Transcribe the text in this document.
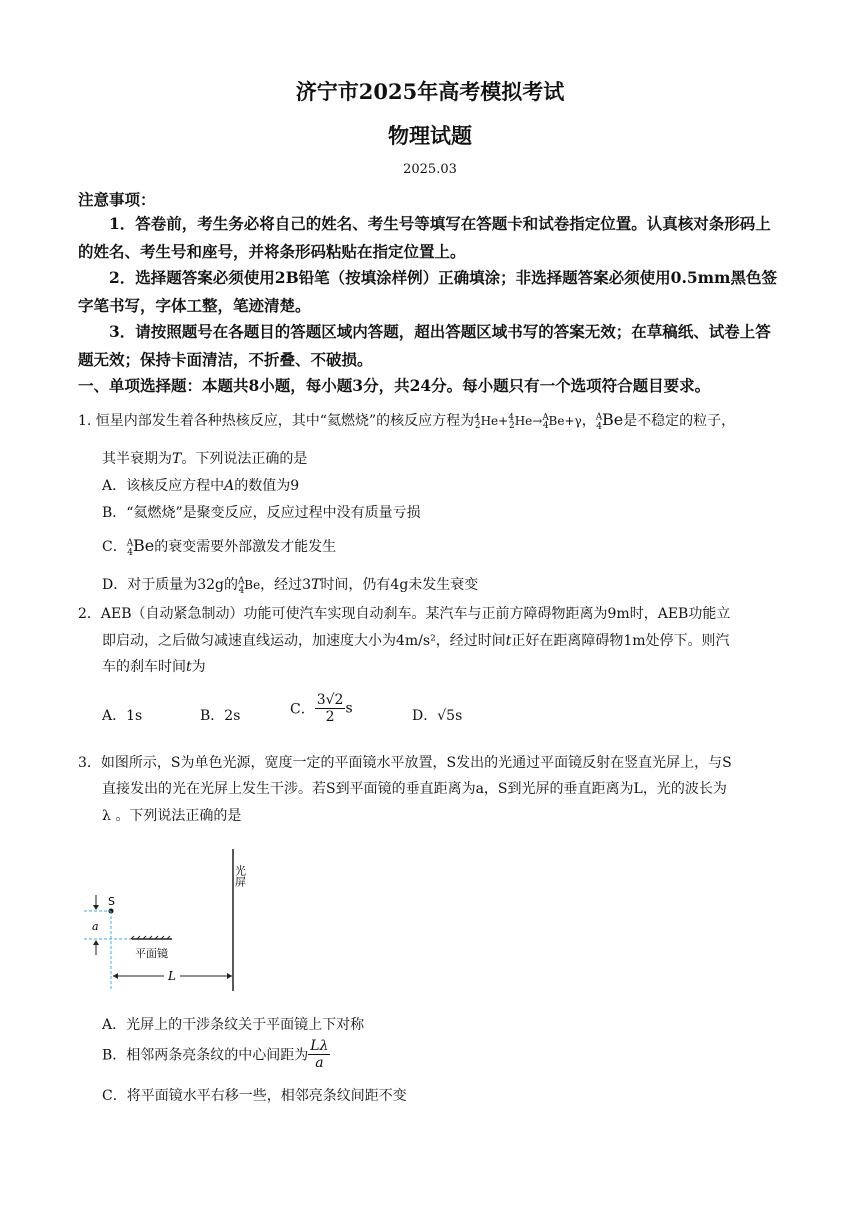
济宁市2025年高考模拟考试
物理试题
2025.03
注意事项：
1．答卷前，考生务必将自己的姓名、考生号等填写在答题卡和试卷指定位置。认真核对条形码上的姓名、考生号和座号，并将条形码粘贴在指定位置上。
2．选择题答案必须使用2B铅笔（按填涂样例）正确填涂；非选择题答案必须使用0.5mm黑色签字笔书写，字体工整，笔迹清楚。
3．请按照题号在各题目的答题区域内答题，超出答题区域书写的答案无效；在草稿纸、试卷上答题无效；保持卡面清洁，不折叠、不破损。
一、单项选择题：本题共8小题，每小题3分，共24分。每小题只有一个选项符合题目要求。
1. 恒星内部发生着各种热核反应，其中“氦燃烧”的核反应方程为$^4_2$He+$^4_2$He→$^A_4$Be+γ，$^A_4$Be是不稳定的粒子，
其半衰期为T。下列说法正确的是
A．该核反应方程中A的数值为9
B．“氦燃烧”是聚变反应，反应过程中没有质量亏损
C．$^A_4$Be的衰变需要外部激发才能发生
D．对于质量为32g的$^A_4$Be，经过3T时间，仍有4g未发生衰变
2．AEB（自动紧急制动）功能可使汽车实现自动刹车。某汽车与正前方障碍物距离为9m时，AEB功能立
即启动，之后做匀减速直线运动，加速度大小为4m/s²，经过时间t正好在距离障碍物1m处停下。则汽
车的刹车时间t为
A．1s	B．2s	C． $\frac{3√2}{2}$ s	D．√5s
3．如图所示，S为单色光源，宽度一定的平面镜水平放置，S发出的光通过平面镜反射在竖直光屏上，与S
直接发出的光在光屏上发生干涉。若S到平面镜的垂直距离为a，S到光屏的垂直距离为L，光的波长为
λ 。下列说法正确的是
光屏
S
a
平面镜
L
A．光屏上的干涉条纹关于平面镜上下对称
B．相邻两条亮条纹的中心间距为 $\frac{L\lambda}{a}$
C．将平面镜水平右移一些，相邻亮条纹间距不变
